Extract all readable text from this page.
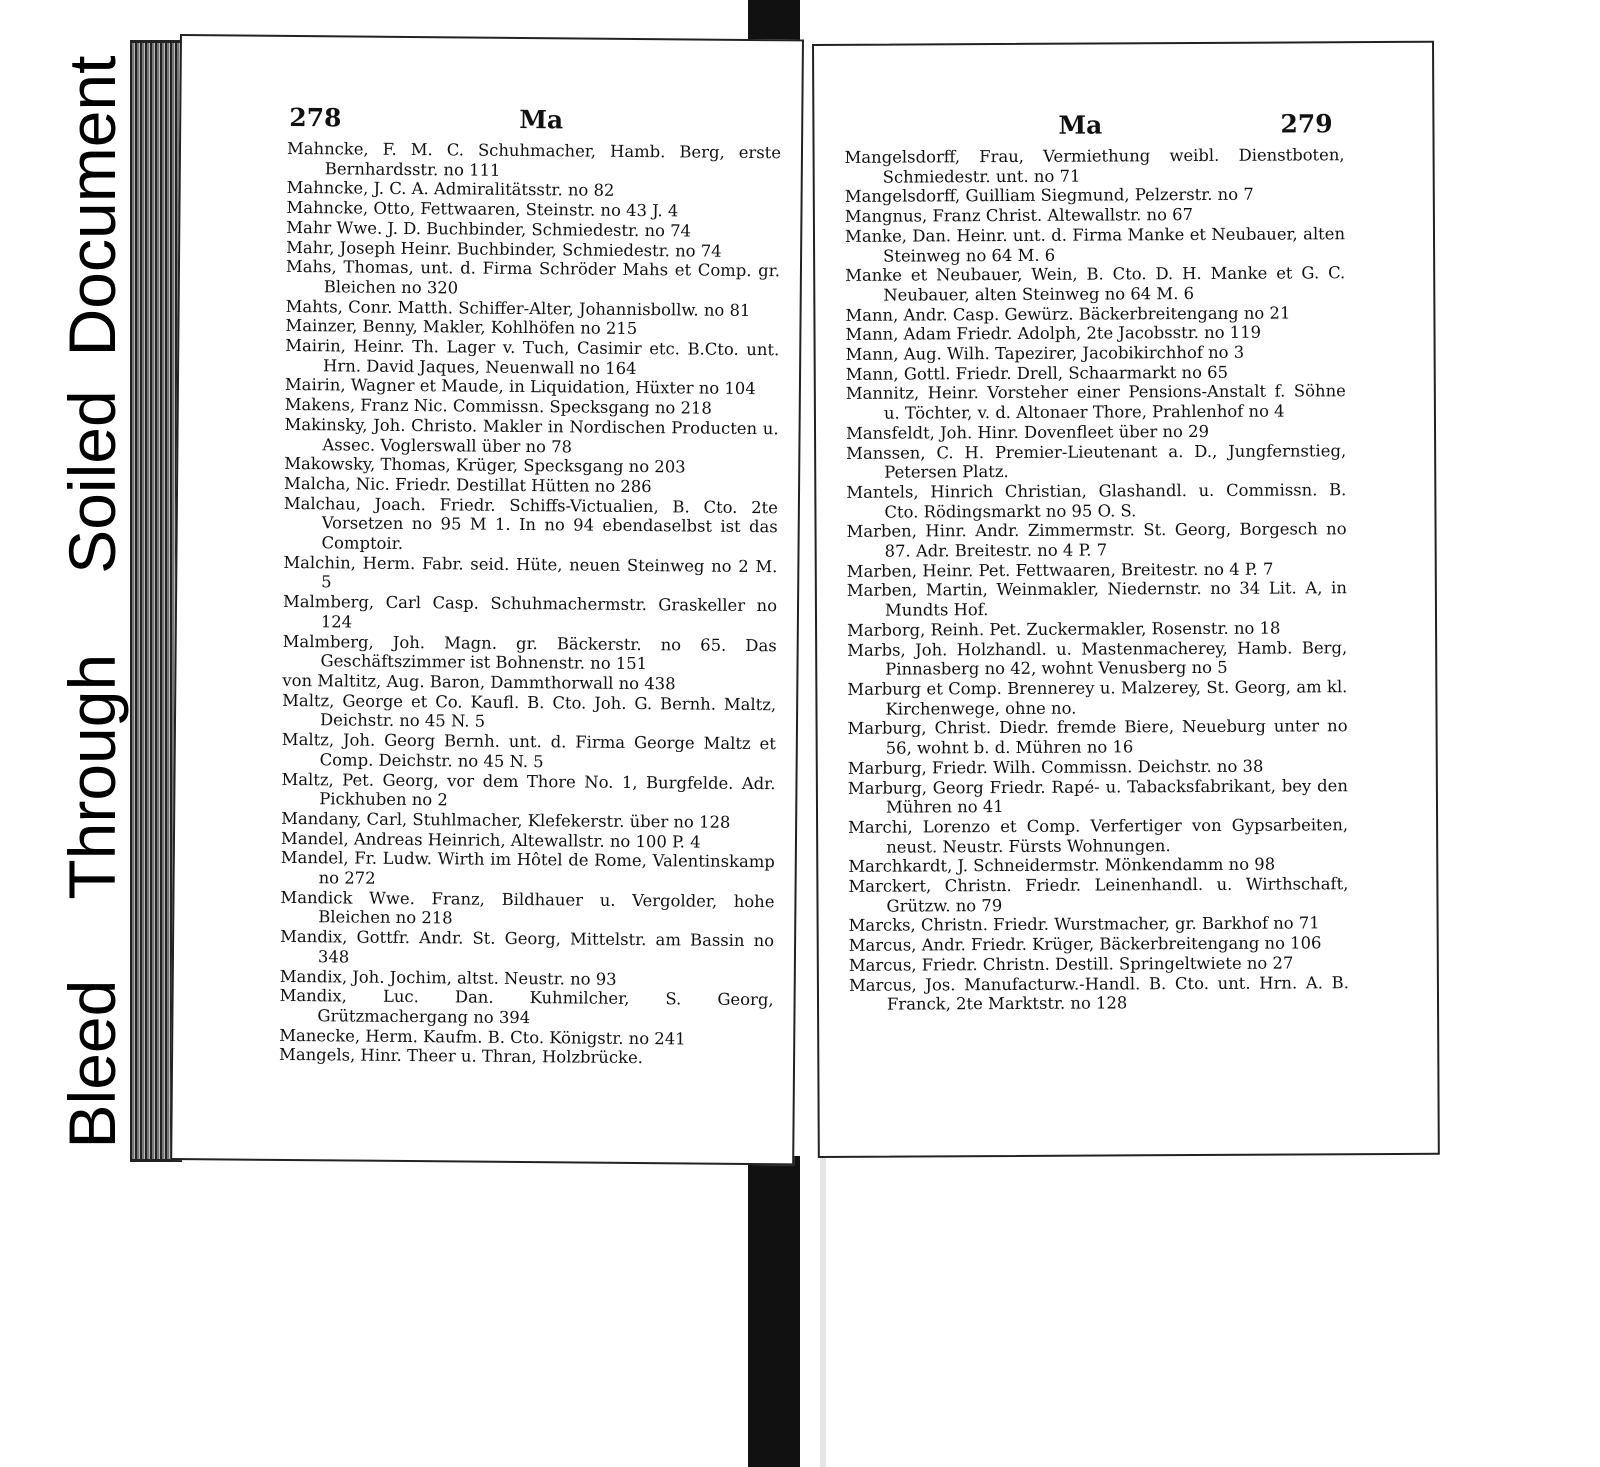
BleedThroughSoiledDocument	278	Ma
Mahncke, F. M. C. Schuhmacher, Hamb. Berg, erste Bernhardsstr. no 111
Mahncke, J. C. A. Admiralitätsstr. no 82
Mahncke, Otto, Fettwaaren, Steinstr. no 43 J. 4
Mahr Wwe. J. D. Buchbinder, Schmiedestr. no 74
Mahr, Joseph Heinr. Buchbinder, Schmiedestr. no 74
Mahs, Thomas, unt. d. Firma Schröder Mahs et Comp. gr. Bleichen no 320
Mahts, Conr. Matth. Schiffer-Alter, Johannisbollw. no 81
Mainzer, Benny, Makler, Kohlhöfen no 215
Mairin, Heinr. Th. Lager v. Tuch, Casimir etc. B.Cto. unt. Hrn. David Jaques, Neuenwall no 164
Mairin, Wagner et Maude, in Liquidation, Hüxter no 104
Makens, Franz Nic. Commissn. Specksgang no 218
Makinsky, Joh. Christo. Makler in Nordischen Producten u. Assec. Voglerswall über no 78
Makowsky, Thomas, Krüger, Specksgang no 203
Malcha, Nic. Friedr. Destillat Hütten no 286
Malchau, Joach. Friedr. Schiffs-Victualien, B. Cto. 2te Vorsetzen no 95 M 1. In no 94 ebendaselbst ist das Comptoir.
Malchin, Herm. Fabr. seid. Hüte, neuen Steinweg no 2 M. 5
Malmberg, Carl Casp. Schuhmachermstr. Graskeller no 124
Malmberg, Joh. Magn. gr. Bäckerstr. no 65. Das Geschäftszimmer ist Bohnenstr. no 151
von Maltitz, Aug. Baron, Dammthorwall no 438
Maltz, George et Co. Kaufl. B. Cto. Joh. G. Bernh. Maltz, Deichstr. no 45 N. 5
Maltz, Joh. Georg Bernh. unt. d. Firma George Maltz et Comp. Deichstr. no 45 N. 5
Maltz, Pet. Georg, vor dem Thore No. 1, Burgfelde. Adr. Pickhuben no 2
Mandany, Carl, Stuhlmacher, Klefekerstr. über no 128
Mandel, Andreas Heinrich, Altewallstr. no 100 P. 4
Mandel, Fr. Ludw. Wirth im Hôtel de Rome, Valentinskamp no 272
Mandick Wwe. Franz, Bildhauer u. Vergolder, hohe Bleichen no 218
Mandix, Gottfr. Andr. St. Georg, Mittelstr. am Bassin no 348
Mandix, Joh. Jochim, altst. Neustr. no 93
Mandix, Luc. Dan. Kuhmilcher, S. Georg, Grützmachergang no 394
Manecke, Herm. Kaufm. B. Cto. Königstr. no 241
Mangels, Hinr. Theer u. Thran, Holzbrücke.
Ma	279
Mangelsdorff, Frau, Vermiethung weibl. Dienstboten, Schmiedestr. unt. no 71
Mangelsdorff, Guilliam Siegmund, Pelzerstr. no 7
Mangnus, Franz Christ. Altewallstr. no 67
Manke, Dan. Heinr. unt. d. Firma Manke et Neubauer, alten Steinweg no 64 M. 6
Manke et Neubauer, Wein, B. Cto. D. H. Manke et G. C. Neubauer, alten Steinweg no 64 M. 6
Mann, Andr. Casp. Gewürz. Bäckerbreitengang no 21
Mann, Adam Friedr. Adolph, 2te Jacobsstr. no 119
Mann, Aug. Wilh. Tapezirer, Jacobikirchhof no 3
Mann, Gottl. Friedr. Drell, Schaarmarkt no 65
Mannitz, Heinr. Vorsteher einer Pensions-Anstalt f. Söhne u. Töchter, v. d. Altonaer Thore, Prahlenhof no 4
Mansfeldt, Joh. Hinr. Dovenfleet über no 29
Manssen, C. H. Premier-Lieutenant a. D., Jungfernstieg, Petersen Platz.
Mantels, Hinrich Christian, Glashandl. u. Commissn. B. Cto. Rödingsmarkt no 95 O. S.
Marben, Hinr. Andr. Zimmermstr. St. Georg, Borgesch no 87. Adr. Breitestr. no 4 P. 7
Marben, Heinr. Pet. Fettwaaren, Breitestr. no 4 P. 7
Marben, Martin, Weinmakler, Niedernstr. no 34 Lit. A, in Mundts Hof.
Marborg, Reinh. Pet. Zuckermakler, Rosenstr. no 18
Marbs, Joh. Holzhandl. u. Mastenmacherey, Hamb. Berg, Pinnasberg no 42, wohnt Venusberg no 5
Marburg et Comp. Brennerey u. Malzerey, St. Georg, am kl. Kirchenwege, ohne no.
Marburg, Christ. Diedr. fremde Biere, Neueburg unter no 56, wohnt b. d. Mühren no 16
Marburg, Friedr. Wilh. Commissn. Deichstr. no 38
Marburg, Georg Friedr. Rapé- u. Tabacksfabrikant, bey den Mühren no 41
Marchi, Lorenzo et Comp. Verfertiger von Gypsarbeiten, neust. Neustr. Fürsts Wohnungen.
Marchkardt, J. Schneidermstr. Mönkendamm no 98
Marckert, Christn. Friedr. Leinenhandl. u. Wirthschaft, Grützw. no 79
Marcks, Christn. Friedr. Wurstmacher, gr. Barkhof no 71
Marcus, Andr. Friedr. Krüger, Bäckerbreitengang no 106
Marcus, Friedr. Christn. Destill. Springeltwiete no 27
Marcus, Jos. Manufacturw.-Handl. B. Cto. unt. Hrn. A. B. Franck, 2te Marktstr. no 128
